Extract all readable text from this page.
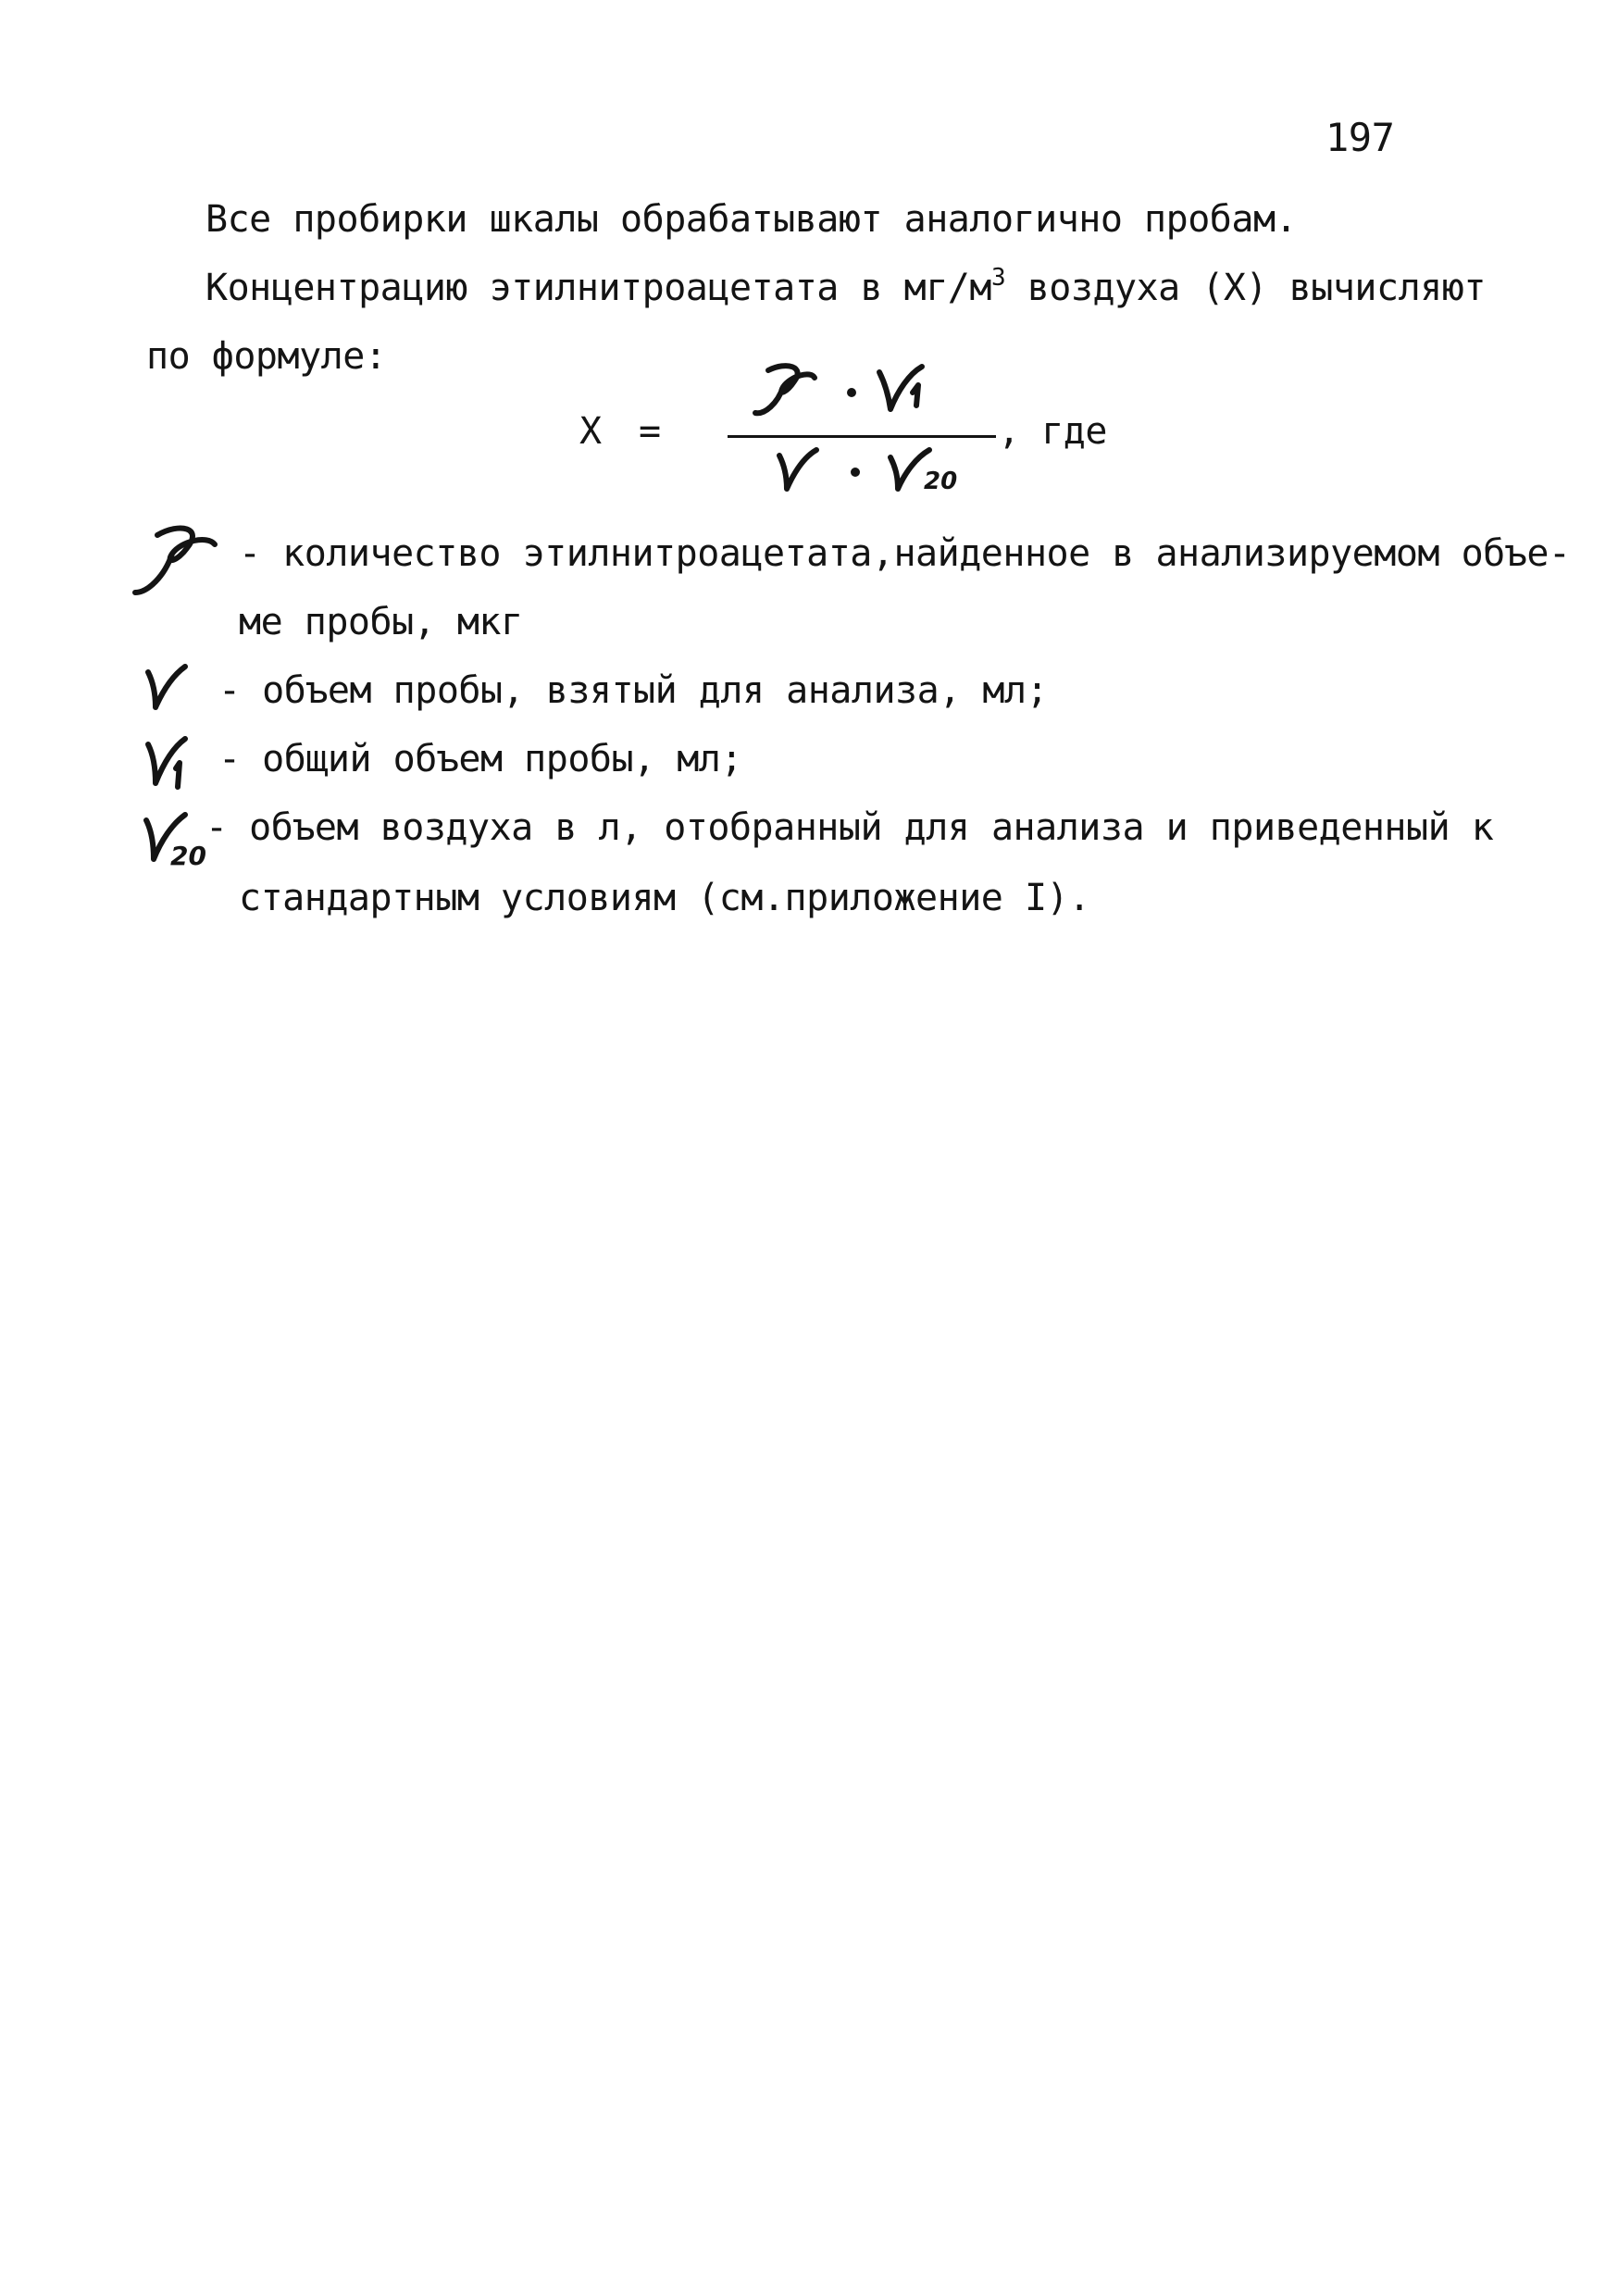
197
Все пробирки шкалы обрабатывают аналогично пробам.
Концентрацию этилнитроацетата в $мг/м^3$ воздуха (X) вычисляют
по формуле:
X =	, где
20
- количество этилнитроацетата,найденное в анализируемом объе-
ме пробы, мкг
- объем пробы, взятый для анализа, мл;
- общий объем пробы, мл;
20
- объем воздуха в л, отобранный для анализа и приведенный к
стандартным условиям (см.приложение I).
